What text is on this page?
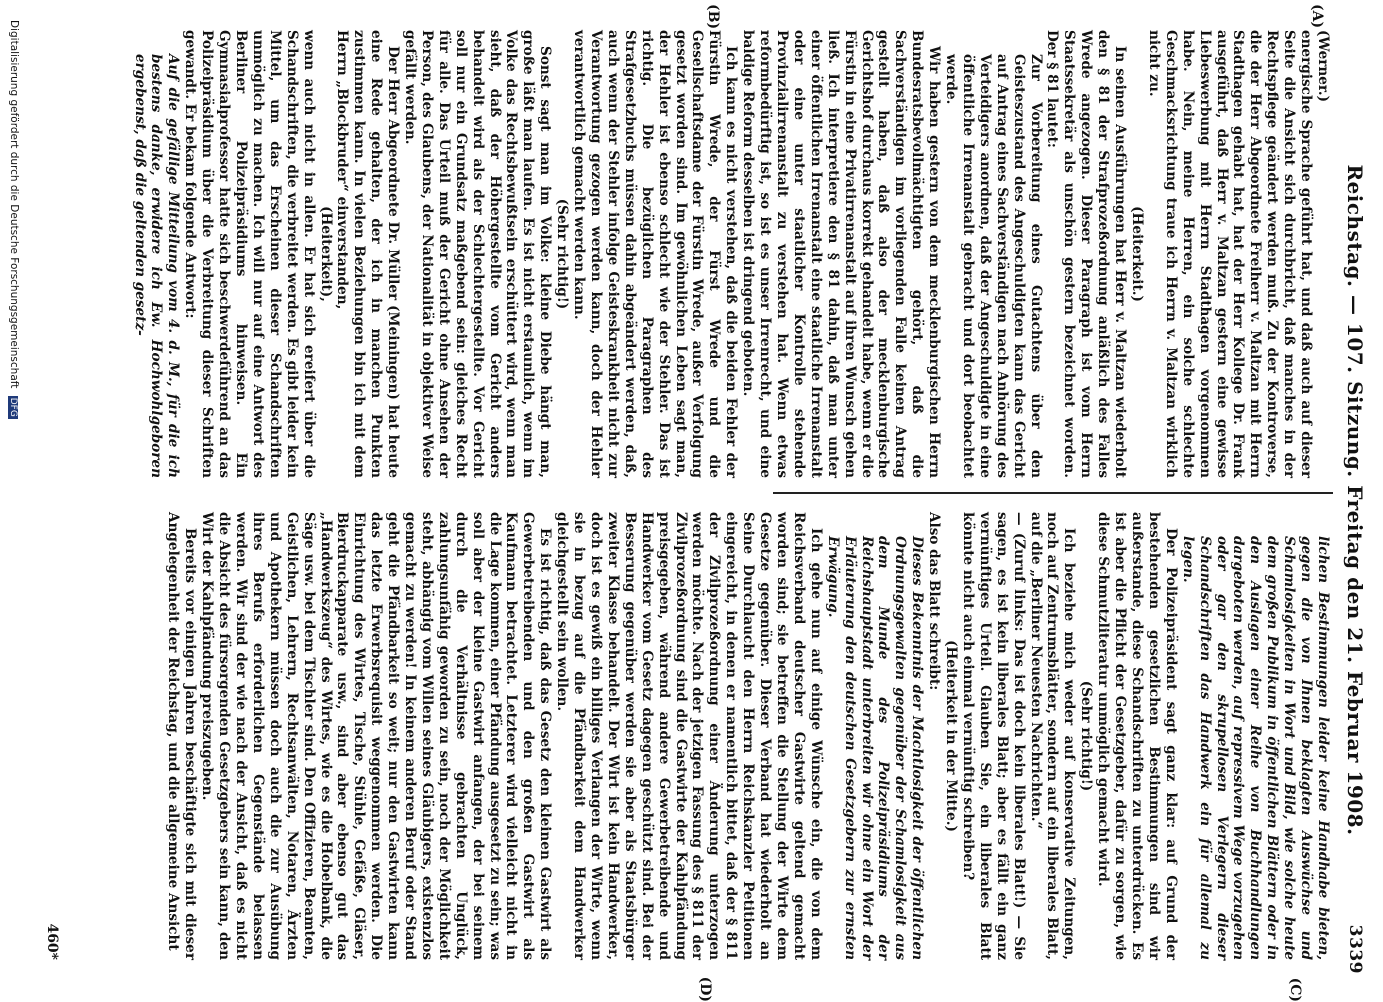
Reichstag. — 107. Sitzung. Freitag den 21. Februar 1908.
3339
(A)
(B)
(C)
(D)

(Werner.)

energische Sprache geführt hat, und daß auch auf dieser Seite die Ansicht sich durchbricht, daß manches in der Rechtspflege geändert werden muß. Zu der Kontroverse, die der Herr Abgeordnete Freiherr v. Maltzan mit Herrn Stadthagen gehabt hat, hat der Herr Kollege Dr. Frank ausgeführt, daß Herr v. Maltzan gestern eine gewisse Liebeswerbung mit Herrn Stadthagen vorgenommen habe. Nein, meine Herren, ein solche schlechte Geschmacksrichtung traue ich Herrn v. Maltzan wirklich nicht zu.

(Heiterkeit.)

In seinen Ausführungen hat Herr v. Maltzan wiederholt den § 81 der Strafprozeßordnung anläßlich des Falles Wrede angezogen. Dieser Paragraph ist vom Herrn Staatssekretär als unschön gestern bezeichnet worden. Der § 81 lautet:

Zur Vorbereitung eines Gutachtens über den Geisteszustand des Angeschuldigten kann das Gericht auf Antrag eines Sachverständigen nach Anhörung des Verteidigers anordnen, daß der Angeschuldigte in eine öffentliche Irrenanstalt gebracht und dort beobachtet werde.

Wir haben gestern von dem mecklenburgischen Herrn Bundesratsbevollmächtigten gehört, daß die Sachverständigen im vorliegenden Falle keinen Antrag gestellt haben, daß also der mecklenburgische Gerichtshof durchaus korrekt gehandelt habe, wenn er die Fürstin in eine Privatirrenanstalt auf ihren Wunsch gehen ließ. Ich interpretiere den § 81 dahin, daß man unter einer öffentlichen Irrenanstalt eine staatliche Irrenanstalt oder eine unter staatlicher Kontrolle stehende Provinzialirrenanstalt zu verstehen hat. Wenn etwas reformbedürftig ist, so ist es unser Irrenrecht, und eine baldige Reform desselben ist dringend geboten.

Ich kann es nicht verstehen, daß die beiden Fehler der Fürstin Wrede, der Fürst Wrede und die Gesellschaftsdame der Fürstin Wrede, außer Verfolgung gesetzt worden sind. Im gewöhnlichen Leben sagt man, der Hehler ist ebenso schlecht wie der Stehler. Das ist richtig. Die bezüglichen Paragraphen des Strafgesetzbuchs müssen dahin abgeändert werden, daß, auch wenn der Stehler infolge Geisteskrankheit nicht zur Verantwortung gezogen werden kann, doch der Hehler verantwortlich gemacht werden kann.

(Sehr richtig!)

Sonst sagt man im Volke: kleine Diebe hängt man, große läßt man laufen. Es ist nicht erstaunlich, wenn im Volke das Rechtsbewußtsein erschüttert wird, wenn man sieht, daß der Höhergestellte vom Gericht anders behandelt wird als der Schlechtergestellte. Vor Gericht soll nur ein Grundsatz maßgebend sein: gleiches Recht für alle. Das Urteil muß der Gericht ohne Ansehen der Person, des Glaubens, der Nationalität in objektiver Weise gefällt werden.

Der Herr Abgeordnete Dr. Müller (Meiningen) hat heute eine Rede gehalten, der ich in manchen Punkten zustimmen kann. In vielen Beziehungen bin ich mit dem Herrn „Blockbruder“ einverstanden,

(Heiterkeit),

wenn auch nicht in allen. Er hat sich ereifert über die Schandschriften, die verbreitet werden. Es gibt leider kein Mittel, um das Erscheinen dieser Schandschriften unmöglich zu machen. Ich will nur auf eine Antwort des Berliner Polizeipräsidiums hinweisen. Ein Gymnasialprofessor hatte sich beschwerdeführend an das Polizeipräsidium über die Verbreitung dieser Schriften gewandt. Er bekam folgende Antwort:

Auf die gefällige Mitteilung vom 4. d. M., für die ich bestens danke, erwidere ich Ew. Hochwohlgeboren ergebenst, daß die geltenden gesetz-

lichen Bestimmungen leider keine Handhabe bieten, gegen die von Ihnen beklagten Auswüchse und Schamlosigkeiten in Wort und Bild, wie solche heute dem großen Publikum in öffentlichen Blättern oder in den Auslagen einer Reihe von Buchhandlungen dargeboten werden, auf repressivem Wege vorzugehen oder gar den skrupellosen Verlegern dieser Schandschriften das Handwerk ein für allemal zu legen.

Der Polizeipräsident sagt ganz klar: auf Grund der bestehenden gesetzlichen Bestimmungen sind wir außerstande, diese Schandschriften zu unterdrücken. Es ist aber die Pflicht der Gesetzgeber, dafür zu sorgen, wie diese Schmutzliteratur unmöglich gemacht wird.

(Sehr richtig!)

Ich beziehe mich weder auf konservative Zeitungen, noch auf Zentrumsblätter, sondern auf ein liberales Blatt, auf die „Berliner Neuesten Nachrichten.“

— (Zuruf links: Das ist doch kein liberales Blatt!) — Sie sagen, es ist kein liberales Blatt; aber es fällt ein ganz vernünftiges Urteil. Glauben Sie, ein liberales Blatt könnte nicht auch einmal vernünftig schreiben?

(Heiterkeit in der Mitte.)

Also das Blatt schreibt:

Dieses Bekenntnis der Machtlosigkeit der öffentlichen Ordnungsgewalten gegenüber der Schamlosigkeit aus dem Munde des Polizeipräsidiums der Reichshauptstadt unterbreiten wir ohne ein Wort der Erläuterung den deutschen Gesetzgebern zur ernsten Erwägung.

Ich gehe nun auf einige Wünsche ein, die von dem Reichsverband deutscher Gastwirte geltend gemacht worden sind; sie betreffen die Stellung der Wirte dem Gesetze gegenüber. Dieser Verband hat wiederholt an Seine Durchlaucht den Herrn Reichskanzler Petitionen eingereicht, in denen er namentlich bittet, daß der § 811 der Zivilprozeßordnung einer Änderung unterzogen werden möchte. Nach der jetzigen Fassung des § 811 der Zivilprozeßordnung sind die Gastwirte der Kahlpfändung preisgegeben, während andere Gewerbetreibende und Handwerker vom Gesetz dagegen geschützt sind. Bei der Besserung gegenüber werden sie aber als Staatsbürger zweiter Klasse behandelt. Der Wirt ist kein Handwerker, doch ist es gewiß ein billiges Verlangen der Wirte, wenn sie in bezug auf die Pfändbarkeit dem Handwerker gleichgestellt sein wollen.

Es ist richtig, daß das Gesetz den kleinen Gastwirt als Gewerbetreibenden und den großen Gastwirt als Kaufmann betrachtet. Letzterer wird vielleicht nicht in die Lage kommen, einer Pfändung ausgesetzt zu sein; was soll aber der kleine Gastwirt anfangen, der bei seinem durch die Verhältnisse gebrachten Unglück, zahlungsunfähig geworden zu sein, noch der Möglichkeit steht, abhängig vom Willen seines Gläubigers, existenzlos gemacht zu werden! In keinem anderen Beruf oder Stand geht die Pfändbarkeit so weit; nur den Gastwirten kann das letzte Erwerbsrequisit weggenommen werden. Die Einrichtung des Wirtes, Tische, Stühle, Gefäße, Gläser, Bierdruckapparate usw., sind aber ebenso gut das „Handwerkszeug“ des Wirtes, wie es die Hobelbank, die Säge usw. bei dem Tischler sind. Den Offizieren, Beamten, Geistlichen, Lehrern, Rechtsanwälten, Notaren, Ärzten und Apothekern müssen doch auch die zur Ausübung ihres Berufs erforderlichen Gegenstände belassen werden. Wir sind der wie nach der Ansicht, daß es nicht die Absicht des fürsorgenden Gesetzgebers sein kann, den Wirt der Kahlpfändung preiszugeben.

Bereits vor einigen Jahren beschäftigte sich mit dieser Angelegenheit der Reichstag, und die allgemeine Ansicht

460*
Digitalisierung gefördert durch die Deutsche Forschungsgemeinschaft DFG
